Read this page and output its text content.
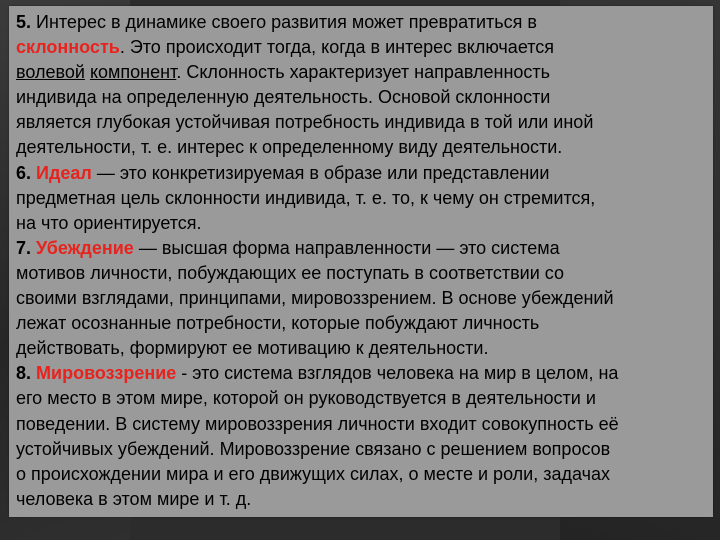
5. Интерес в динамике своего развития может превратиться в
склонность. Это происходит тогда, когда в интерес включается
волевой компонент. Склонность характеризует направленность
индивида на определенную деятельность. Основой склонности
является глубокая устойчивая потребность индивида в той или иной
деятельности, т. е. интерес к определенному виду деятельности.
6. Идеал — это конкретизируемая в образе или представлении
предметная цель склонности индивида, т. е. то, к чему он стремится,
на что ориентируется.
7. Убеждение — высшая форма направленности — это система
мотивов личности, побуждающих ее поступать в соответствии со
своими взглядами, принципами, мировоззрением. В основе убеждений
лежат осознанные потребности, которые побуждают личность
действовать, формируют ее мотивацию к деятельности.
8. Мировоззрение - это система взглядов человека на мир в целом, на
его место в этом мире, которой он руководствуется в деятельности и
поведении. В систему мировоззрения личности входит совокупность её
устойчивых убеждений. Мировоззрение связано с решением вопросов
о происхождении мира и его движущих силах, о месте и роли, задачах
человека в этом мире и т. д.
